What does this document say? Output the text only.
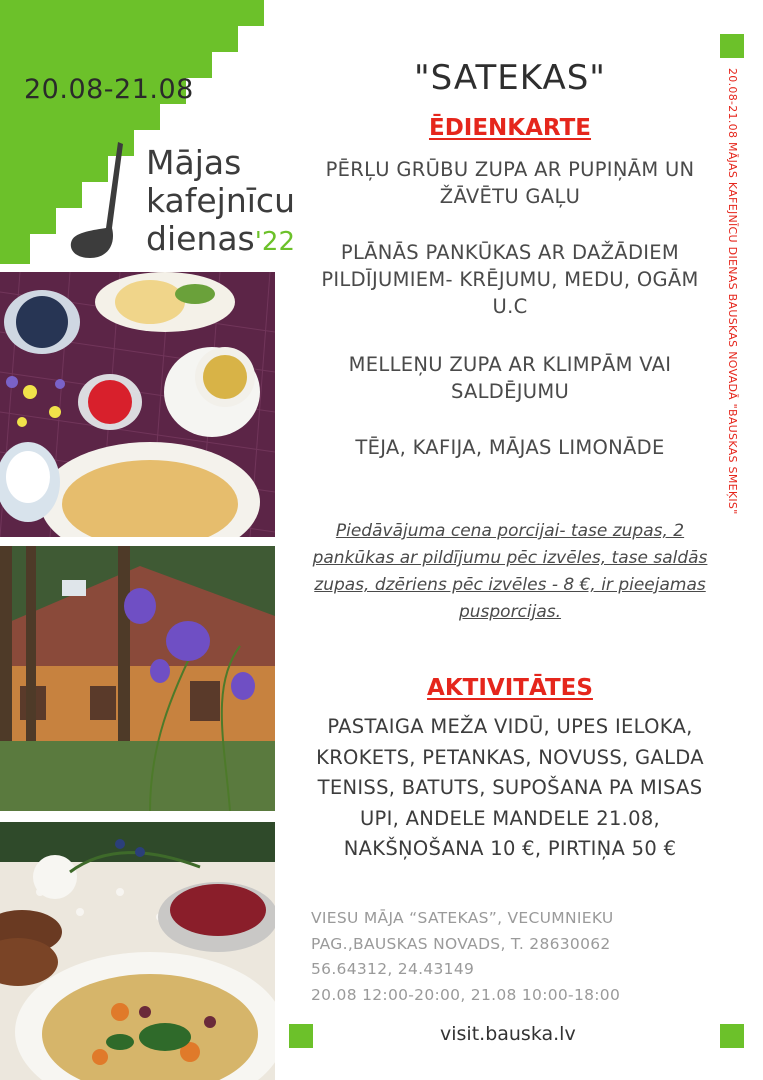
20.08-21.08
Mājas
kafejnīcu
dienas'22
"SATEKAS"
ĒDIENKARTE
PĒRĻU GRŪBU ZUPA AR PUPIŅĀM UN ŽĀVĒTU GAĻU
PLĀNĀS PANKŪKAS AR DAŽĀDIEM PILDĪJUMIEM- KRĒJUMU, MEDU, OGĀM U.C
MELLEŅU ZUPA AR KLIMPĀM VAI SALDĒJUMU
TĒJA, KAFIJA, MĀJAS LIMONĀDE
Piedāvājuma cena porcijai- tase zupas, 2 pankūkas ar pildījumu pēc izvēles, tase saldās zupas, dzēriens pēc izvēles - 8 €, ir pieejamas pusporcijas.
AKTIVITĀTES
PASTAIGA MEŽA VIDŪ, UPES IELOKA, KROKETS, PETANKAS, NOVUSS, GALDA TENISS, BATUTS, SUPOŠANA PA MISAS UPI, ANDELE MANDELE 21.08, NAKŠŅOŠANA 10 €, PIRTIŅA 50 €
VIESU MĀJA “SATEKAS”, VECUMNIEKU
PAG.,BAUSKAS NOVADS, T. 28630062
56.64312, 24.43149
20.08 12:00-20:00, 21.08 10:00-18:00
visit.bauska.lv
20.08-21.08 MĀJAS KAFEJNĪCU DIENAS BAUSKAS NOVADĀ "BAUSKAS SMEĶIS"
